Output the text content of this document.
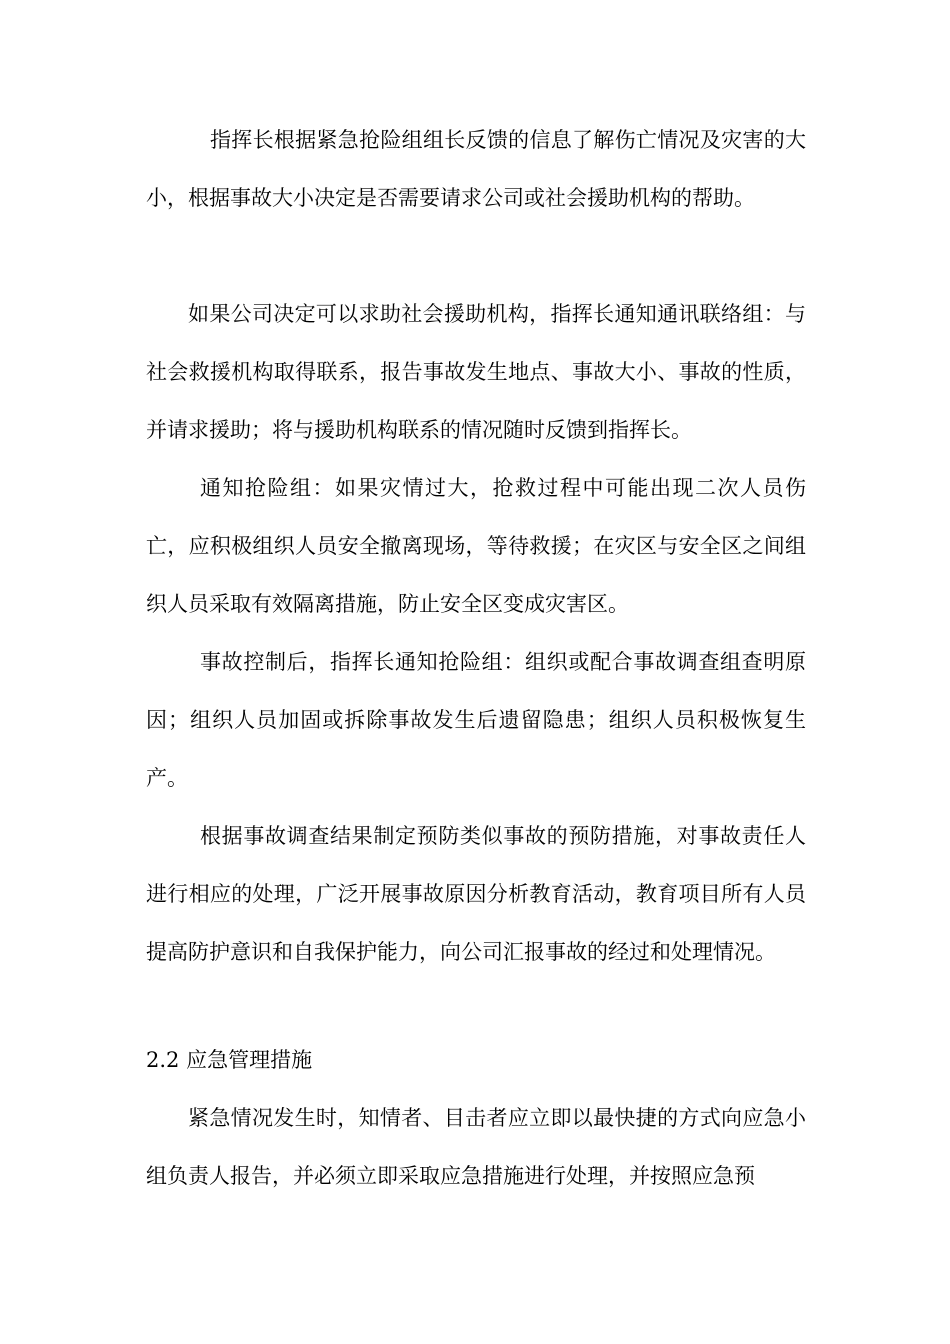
指挥长根据紧急抢险组组长反馈的信息了解伤亡情况及灾害的大小，根据事故大小决定是否需要请求公司或社会援助机构的帮助。

如果公司决定可以求助社会援助机构，指挥长通知通讯联络组：与社会救援机构取得联系，报告事故发生地点、事故大小、事故的性质，并请求援助；将与援助机构联系的情况随时反馈到指挥长。

通知抢险组：如果灾情过大，抢救过程中可能出现二次人员伤亡，应积极组织人员安全撤离现场，等待救援；在灾区与安全区之间组织人员采取有效隔离措施，防止安全区变成灾害区。

事故控制后，指挥长通知抢险组：组织或配合事故调查组查明原因；组织人员加固或拆除事故发生后遗留隐患；组织人员积极恢复生产。

根据事故调查结果制定预防类似事故的预防措施，对事故责任人进行相应的处理，广泛开展事故原因分析教育活动，教育项目所有人员提高防护意识和自我保护能力，向公司汇报事故的经过和处理情况。

2.2 应急管理措施

紧急情况发生时，知情者、目击者应立即以最快捷的方式向应急小组负责人报告，并必须立即采取应急措施进行处理，并按照应急预
